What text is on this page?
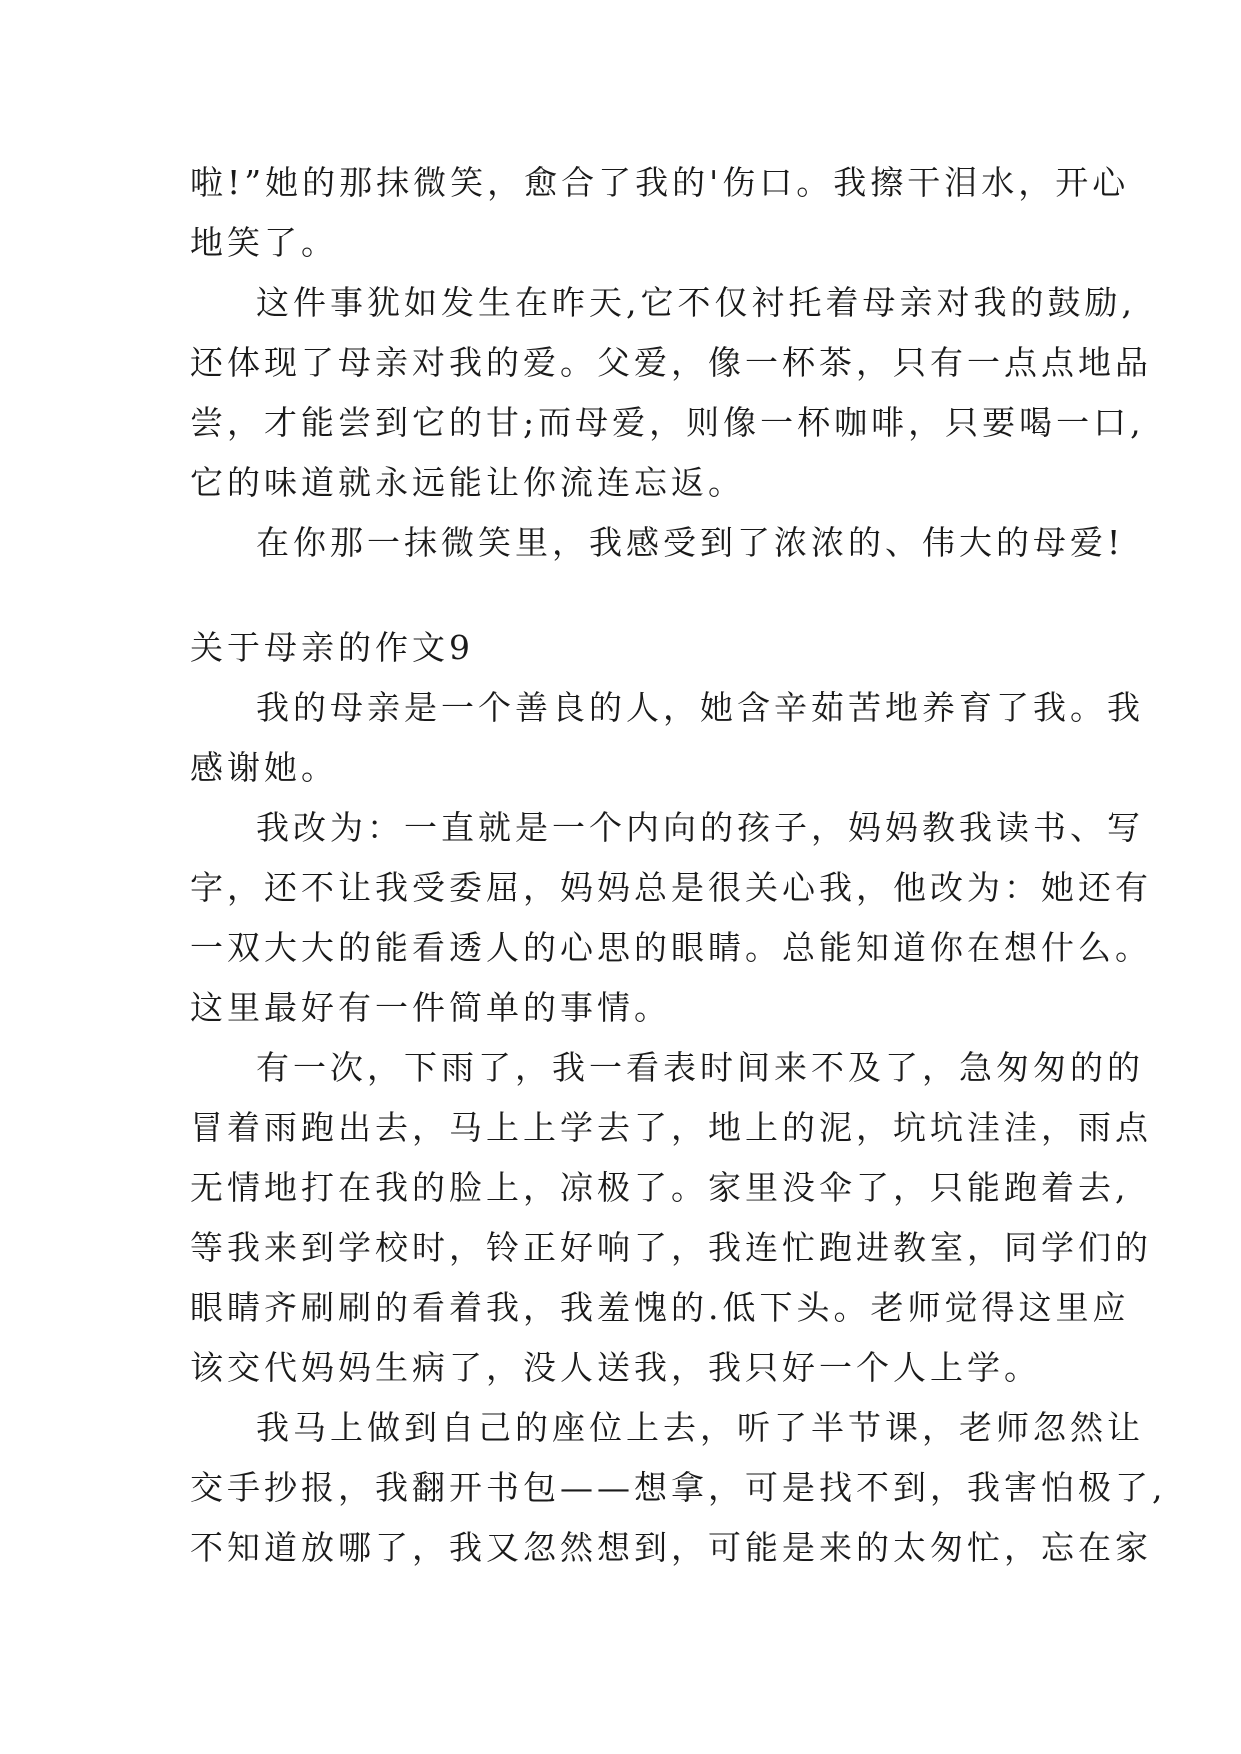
啦!”她的那抹微笑，愈合了我的'伤口。我擦干泪水，开心
地笑了。
这件事犹如发生在昨天,它不仅衬托着母亲对我的鼓励,
还体现了母亲对我的爱。父爱，像一杯茶，只有一点点地品
尝，才能尝到它的甘;而母爱，则像一杯咖啡，只要喝一口,
它的味道就永远能让你流连忘返。
在你那一抹微笑里，我感受到了浓浓的、伟大的母爱!
关于母亲的作文9
我的母亲是一个善良的人，她含辛茹苦地养育了我。我
感谢她。
我改为：一直就是一个内向的孩子，妈妈教我读书、写
字，还不让我受委屈，妈妈总是很关心我，他改为：她还有
一双大大的能看透人的心思的眼睛。总能知道你在想什么。
这里最好有一件简单的事情。
有一次，下雨了，我一看表时间来不及了，急匆匆的的
冒着雨跑出去，马上上学去了，地上的泥，坑坑洼洼，雨点
无情地打在我的脸上，凉极了。家里没伞了，只能跑着去,
等我来到学校时，铃正好响了，我连忙跑进教室，同学们的
眼睛齐刷刷的看着我，我羞愧的.低下头。老师觉得这里应
该交代妈妈生病了，没人送我，我只好一个人上学。
我马上做到自己的座位上去，听了半节课，老师忽然让
交手抄报，我翻开书包——想拿，可是找不到，我害怕极了,
不知道放哪了，我又忽然想到，可能是来的太匆忙，忘在家
